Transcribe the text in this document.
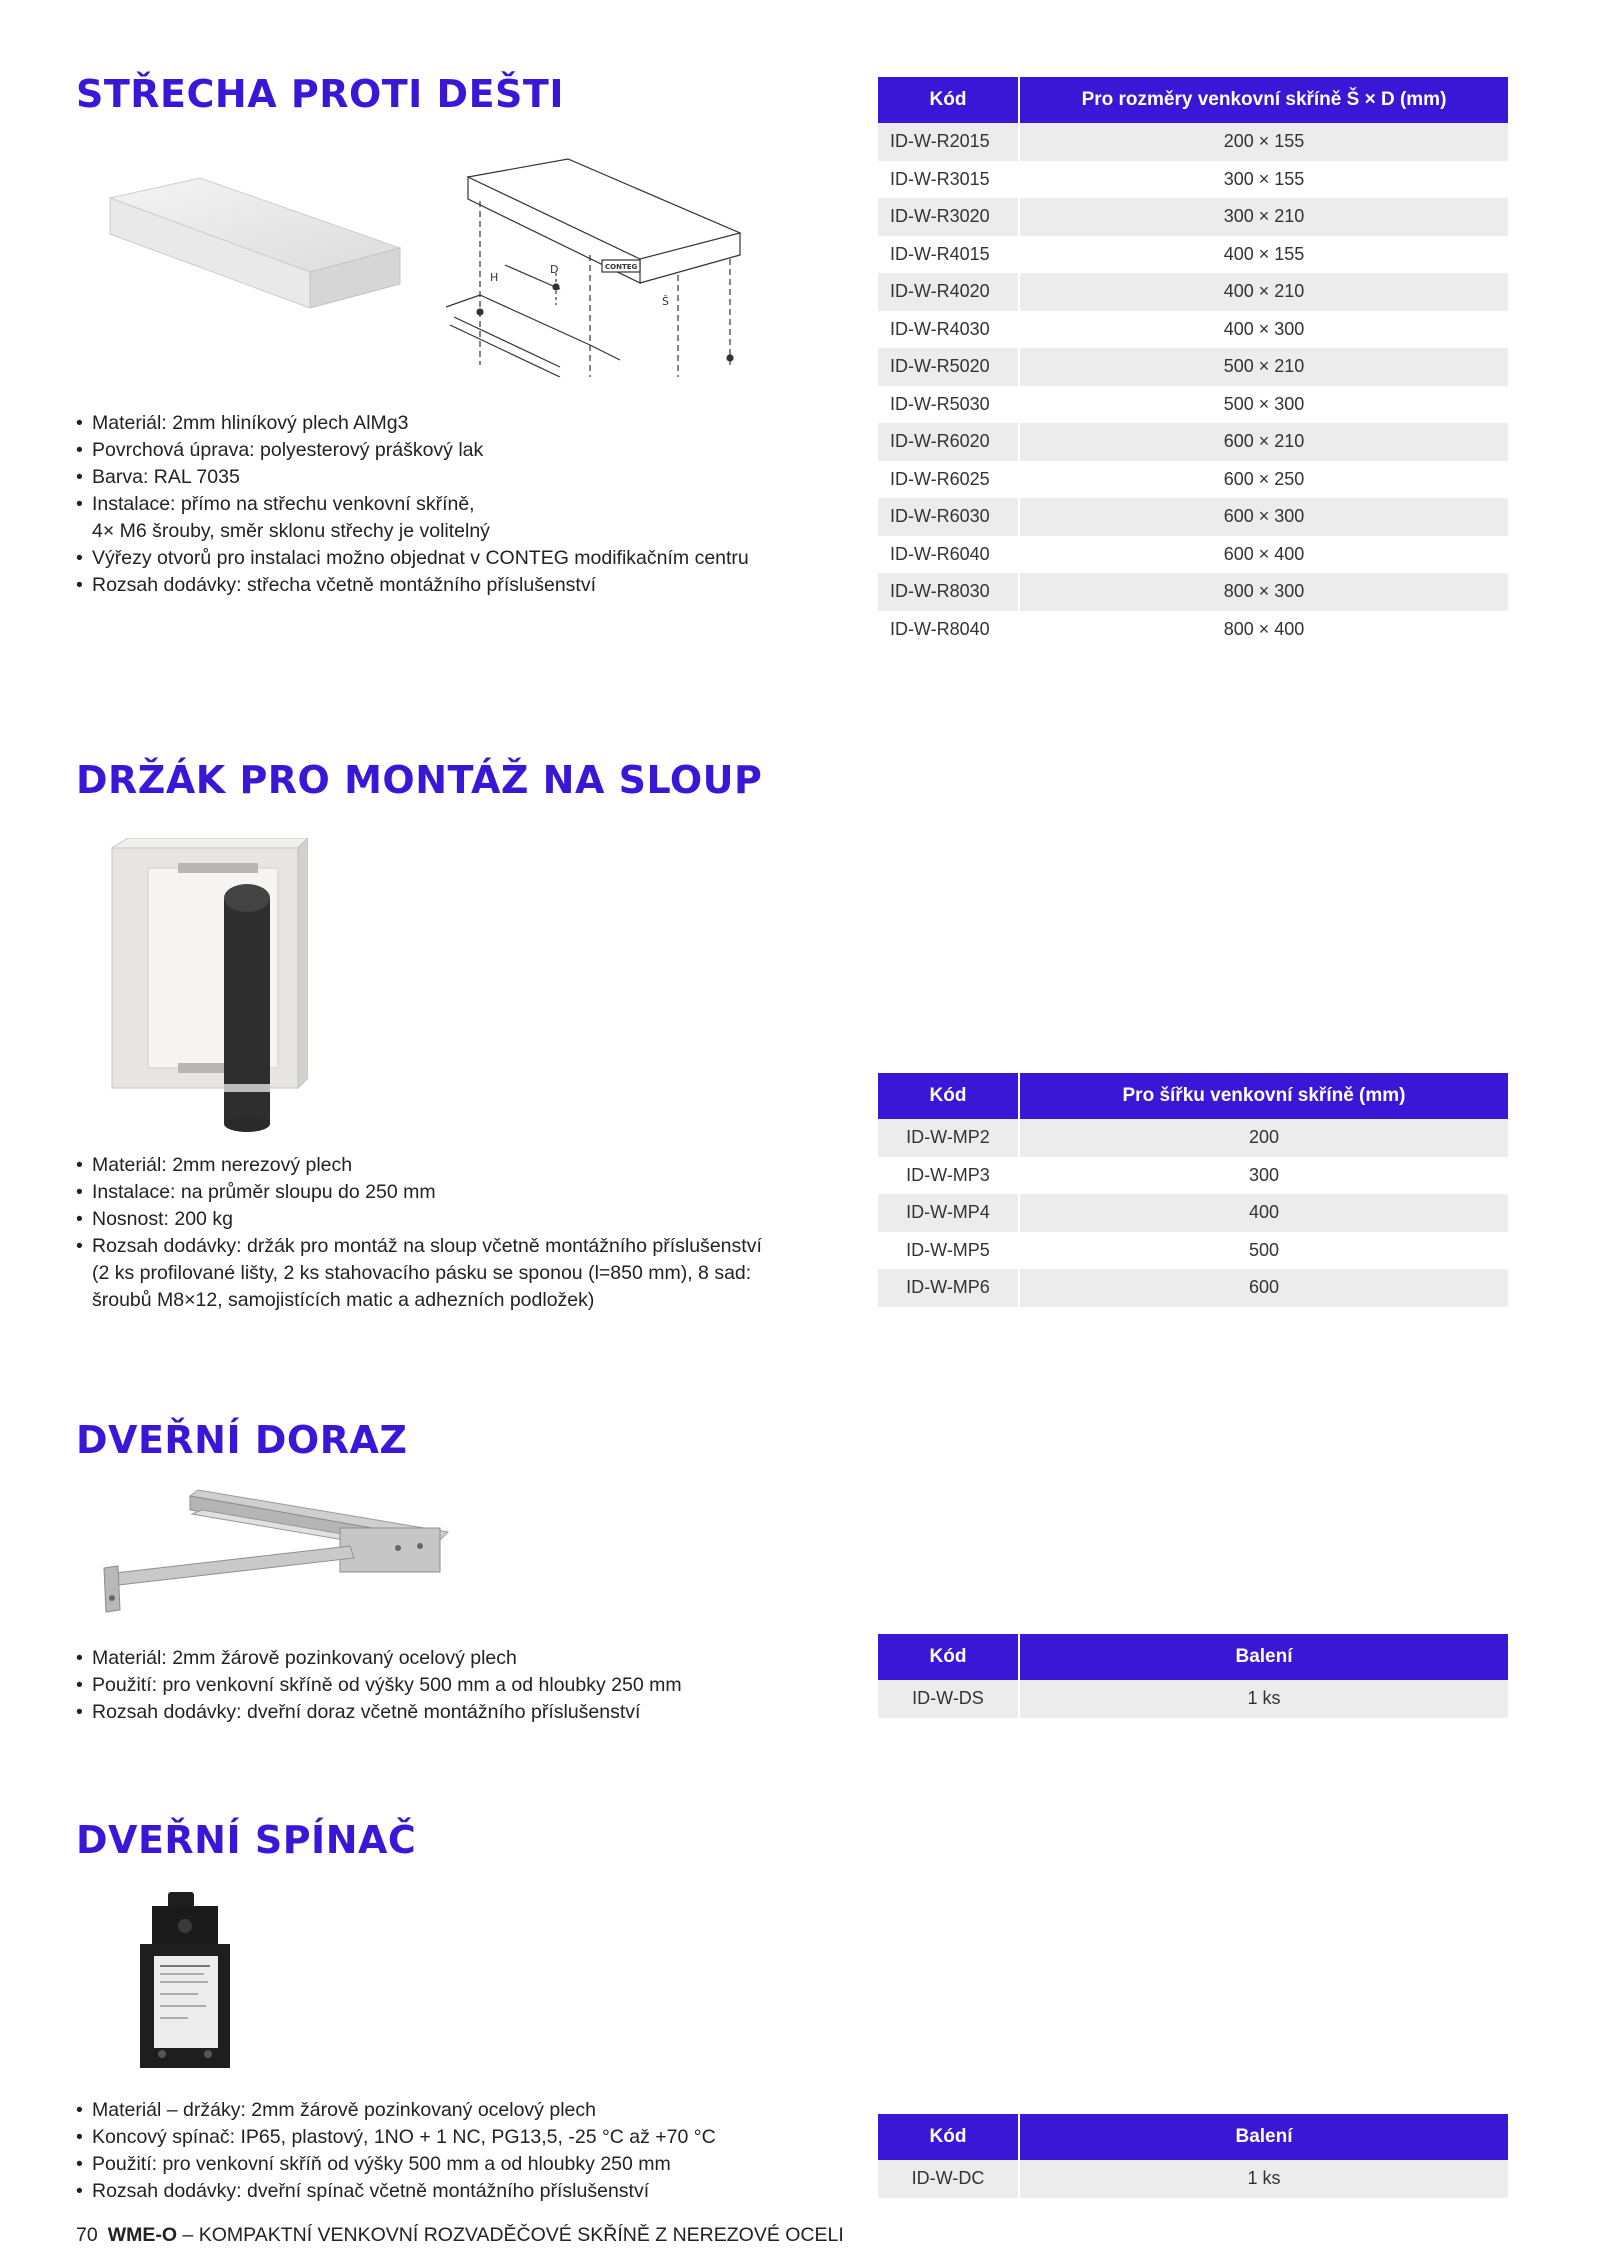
STŘECHA PROTI DEŠTI
H
D
Š
CONTEG
• Materiál: 2mm hliníkový plech AlMg3
• Povrchová úprava: polyesterový práškový lak
• Barva: RAL 7035
• Instalace: přímo na střechu venkovní skříně,
4× M6 šrouby, směr sklonu střechy je volitelný
• Výřezy otvorů pro instalaci možno objednat v CONTEG modifikačním centru
• Rozsah dodávky: střecha včetně montážního příslušenství
Kód	Pro rozměry venkovní skříně Š × D (mm)
ID-W-R2015	200 × 155
ID-W-R3015	300 × 155
ID-W-R3020	300 × 210
ID-W-R4015	400 × 155
ID-W-R4020	400 × 210
ID-W-R4030	400 × 300
ID-W-R5020	500 × 210
ID-W-R5030	500 × 300
ID-W-R6020	600 × 210
ID-W-R6025	600 × 250
ID-W-R6030	600 × 300
ID-W-R6040	600 × 400
ID-W-R8030	800 × 300
ID-W-R8040	800 × 400
DRŽÁK PRO MONTÁŽ NA SLOUP
• Materiál: 2mm nerezový plech
• Instalace: na průměr sloupu do 250 mm
• Nosnost: 200 kg
• Rozsah dodávky: držák pro montáž na sloup včetně montážního příslušenství
(2 ks profilované lišty, 2 ks stahovacího pásku se sponou (l=850 mm), 8 sad:
šroubů M8×12, samojistících matic a adhezních podložek)
Kód	Pro šířku venkovní skříně (mm)
ID-W-MP2	200
ID-W-MP3	300
ID-W-MP4	400
ID-W-MP5	500
ID-W-MP6	600
DVEŘNÍ DORAZ
• Materiál: 2mm žárově pozinkovaný ocelový plech
• Použití: pro venkovní skříně od výšky 500 mm a od hloubky 250 mm
• Rozsah dodávky: dveřní doraz včetně montážního příslušenství
Kód	Balení
ID-W-DS	1 ks
DVEŘNÍ SPÍNAČ
• Materiál – držáky: 2mm žárově pozinkovaný ocelový plech
• Koncový spínač: IP65, plastový, 1NO + 1 NC, PG13,5, -25 °C až +70 °C
• Použití: pro venkovní skříň od výšky 500 mm a od hloubky 250 mm
• Rozsah dodávky: dveřní spínač včetně montážního příslušenství
Kód	Balení
ID-W-DC	1 ks
70 WME-O – KOMPAKTNÍ VENKOVNÍ ROZVADĚČOVÉ SKŘÍNĚ Z NEREZOVÉ OCELI
